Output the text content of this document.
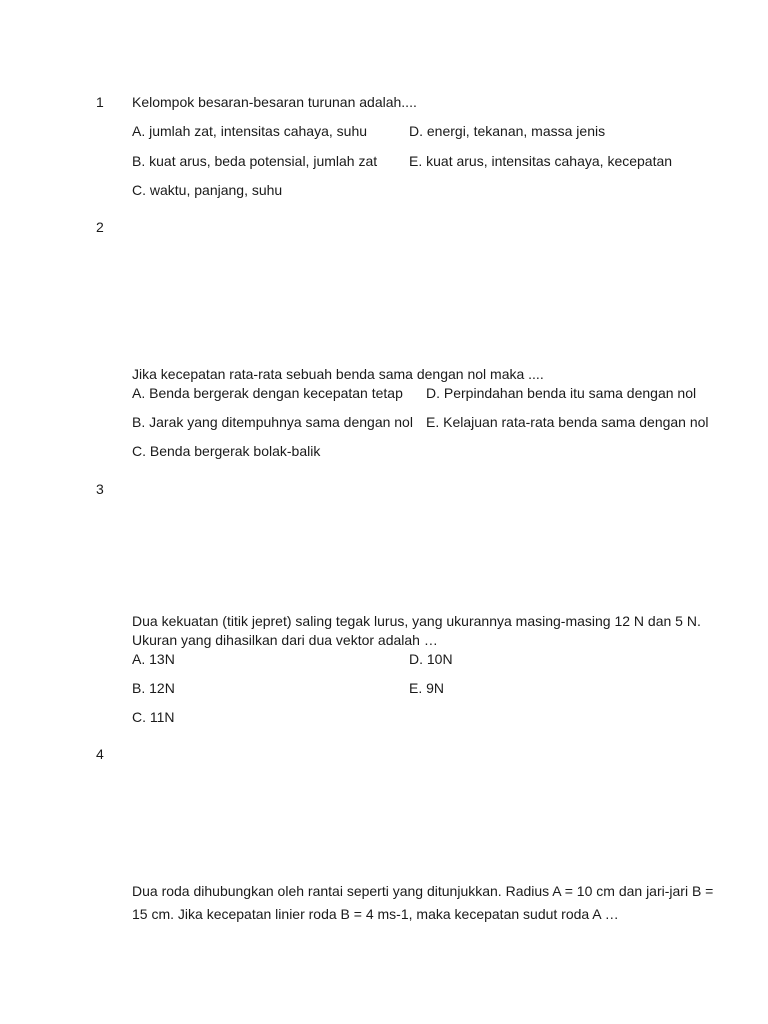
1 Kelompok besaran-besaran turunan adalah....
A. jumlah zat, intensitas cahaya, suhu	D. energi, tekanan, massa jenis
B. kuat arus, beda potensial, jumlah zat E. kuat arus, intensitas cahaya, kecepatan
C. waktu, panjang, suhu
2
Jika kecepatan rata-rata sebuah benda sama dengan nol maka ....
A. Benda bergerak dengan kecepatan tetap D. Perpindahan benda itu sama dengan nol
B. Jarak yang ditempuhnya sama dengan nol E. Kelajuan rata-rata benda sama dengan nol
C. Benda bergerak bolak-balik
3
Dua kekuatan (titik jepret) saling tegak lurus, yang ukurannya masing-masing 12 N dan 5 N.
Ukuran yang dihasilkan dari dua vektor adalah …
A. 13N	D. 10N
B. 12N	E. 9N
C. 11N
4
Dua roda dihubungkan oleh rantai seperti yang ditunjukkan. Radius A = 10 cm dan jari-jari B =
15 cm. Jika kecepatan linier roda B = 4 ms-1, maka kecepatan sudut roda A …
